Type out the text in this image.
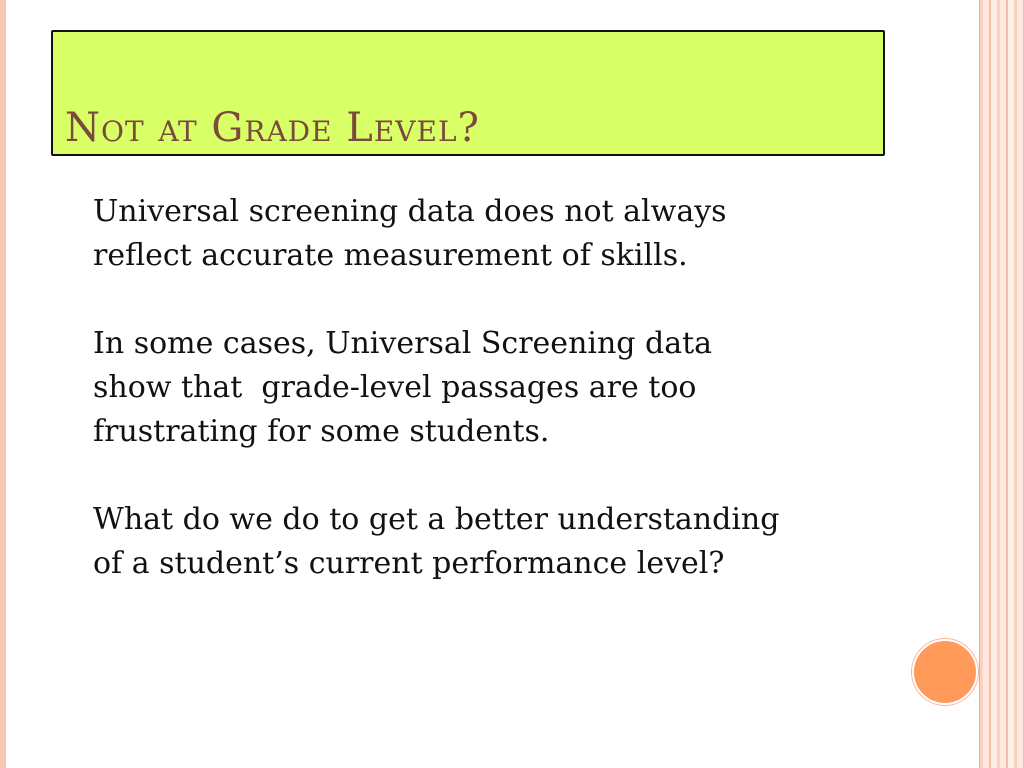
Not at Grade Level?

Universal screening data does not always
reflect accurate measurement of skills.

In some cases, Universal Screening data
show that  grade-level passages are too
frustrating for some students.

What do we do to get a better understanding
of a student’s current performance level?
